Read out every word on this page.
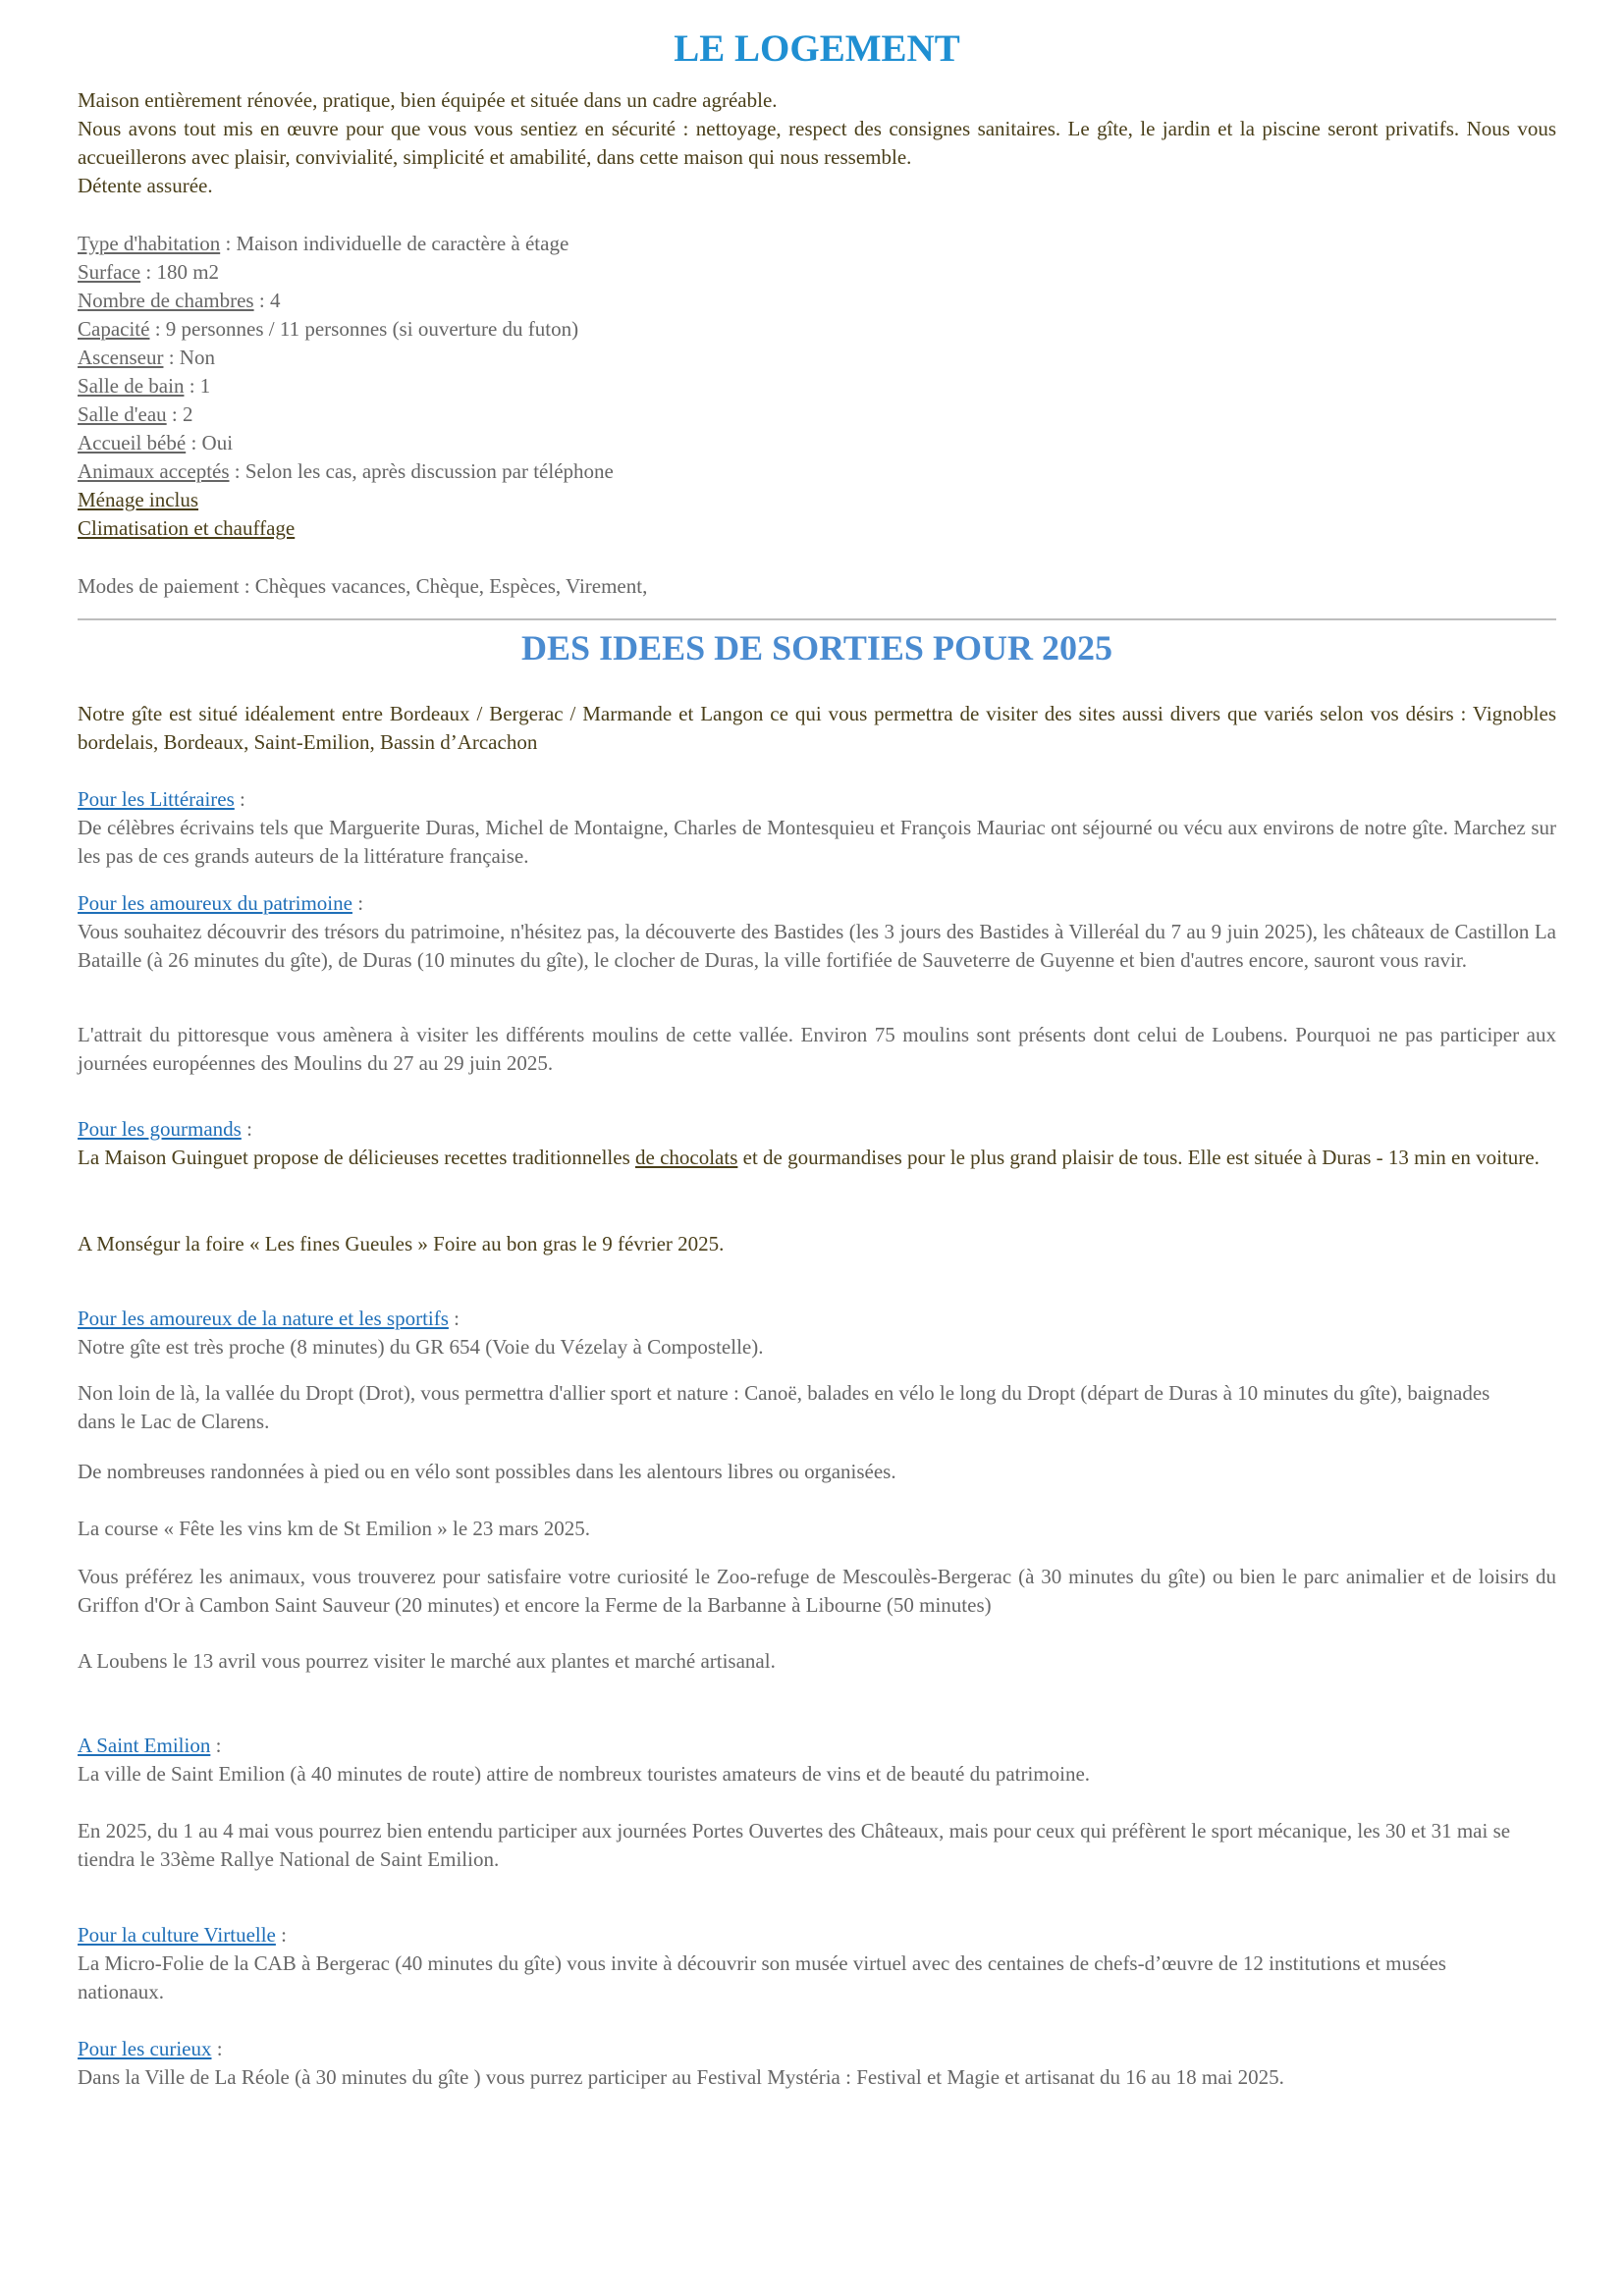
LE LOGEMENT

Maison entièrement rénovée, pratique, bien équipée et située dans un cadre agréable.

Nous avons tout mis en œuvre pour que vous vous sentiez en sécurité : nettoyage, respect des consignes sanitaires. Le gîte, le jardin et la piscine seront privatifs. Nous vous accueillerons avec plaisir, convivialité, simplicité et amabilité, dans cette maison qui nous ressemble.

Détente assurée.

Type d'habitation : Maison individuelle de caractère à étage

Surface : 180 m2

Nombre de chambres : 4

Capacité : 9 personnes / 11 personnes (si ouverture du futon)

Ascenseur : Non

Salle de bain : 1

Salle d'eau : 2

Accueil bébé : Oui

Animaux acceptés : Selon les cas, après discussion par téléphone

Ménage inclus

Climatisation et chauffage

Modes de paiement : Chèques vacances, Chèque, Espèces, Virement,

DES IDEES DE SORTIES POUR 2025

Notre gîte est situé idéalement entre Bordeaux / Bergerac / Marmande et Langon ce qui vous permettra de visiter des sites aussi divers que variés selon vos désirs : Vignobles bordelais, Bordeaux, Saint-Emilion, Bassin d’Arcachon

Pour les Littéraires :

De célèbres écrivains tels que Marguerite Duras, Michel de Montaigne, Charles de Montesquieu et François Mauriac ont séjourné ou vécu aux environs de notre gîte. Marchez sur les pas de ces grands auteurs de la littérature française.

Pour les amoureux du patrimoine :

Vous souhaitez découvrir des trésors du patrimoine, n'hésitez pas, la découverte des Bastides (les 3 jours des Bastides à Villeréal du 7 au 9 juin 2025), les châteaux de Castillon La Bataille (à 26 minutes du gîte), de Duras (10 minutes du gîte), le clocher de Duras, la ville fortifiée de Sauveterre de Guyenne et bien d'autres encore, sauront vous ravir.

L'attrait du pittoresque vous amènera à visiter les différents moulins de cette vallée. Environ 75 moulins sont présents dont celui de Loubens. Pourquoi ne pas participer aux journées européennes des Moulins du 27 au 29 juin 2025.

Pour les gourmands :

La Maison Guinguet propose de délicieuses recettes traditionnelles de chocolats et de gourmandises pour le plus grand plaisir de tous. Elle est située à Duras - 13 min en voiture.

A Monségur la foire « Les fines Gueules » Foire au bon gras le 9 février 2025.

Pour les amoureux de la nature et les sportifs :

Notre gîte est très proche (8 minutes) du GR 654 (Voie du Vézelay à Compostelle).

Non loin de là, la vallée du Dropt (Drot), vous permettra d'allier sport et nature : Canoë, balades en vélo le long du Dropt (départ de Duras à 10 minutes du gîte), baignades dans le Lac de Clarens.

De nombreuses randonnées à pied ou en vélo sont possibles dans les alentours libres ou organisées.

La course « Fête les vins km de St Emilion » le 23 mars 2025.

Vous préférez les animaux, vous trouverez pour satisfaire votre curiosité le Zoo-refuge de Mescoulès-Bergerac (à 30 minutes du gîte) ou bien le parc animalier et de loisirs du Griffon d'Or à Cambon Saint Sauveur (20 minutes) et encore la Ferme de la Barbanne à Libourne (50 minutes)

A Loubens le 13 avril vous pourrez visiter le marché aux plantes et marché artisanal.

A Saint Emilion :

La ville de Saint Emilion (à 40 minutes de route) attire de nombreux touristes amateurs de vins et de beauté du patrimoine.

En 2025, du 1 au 4 mai vous pourrez bien entendu participer aux journées Portes Ouvertes des Châteaux, mais pour ceux qui préfèrent le sport mécanique, les 30 et 31 mai se tiendra le 33ème Rallye National de Saint Emilion.

Pour la culture Virtuelle :

La Micro-Folie de la CAB à Bergerac (40 minutes du gîte) vous invite à découvrir son musée virtuel avec des centaines de chefs-d’œuvre de 12 institutions et musées nationaux.

Pour les curieux :

Dans la Ville de La Réole (à 30 minutes du gîte ) vous purrez participer au Festival Mystéria : Festival et Magie et artisanat du 16 au 18 mai 2025.
